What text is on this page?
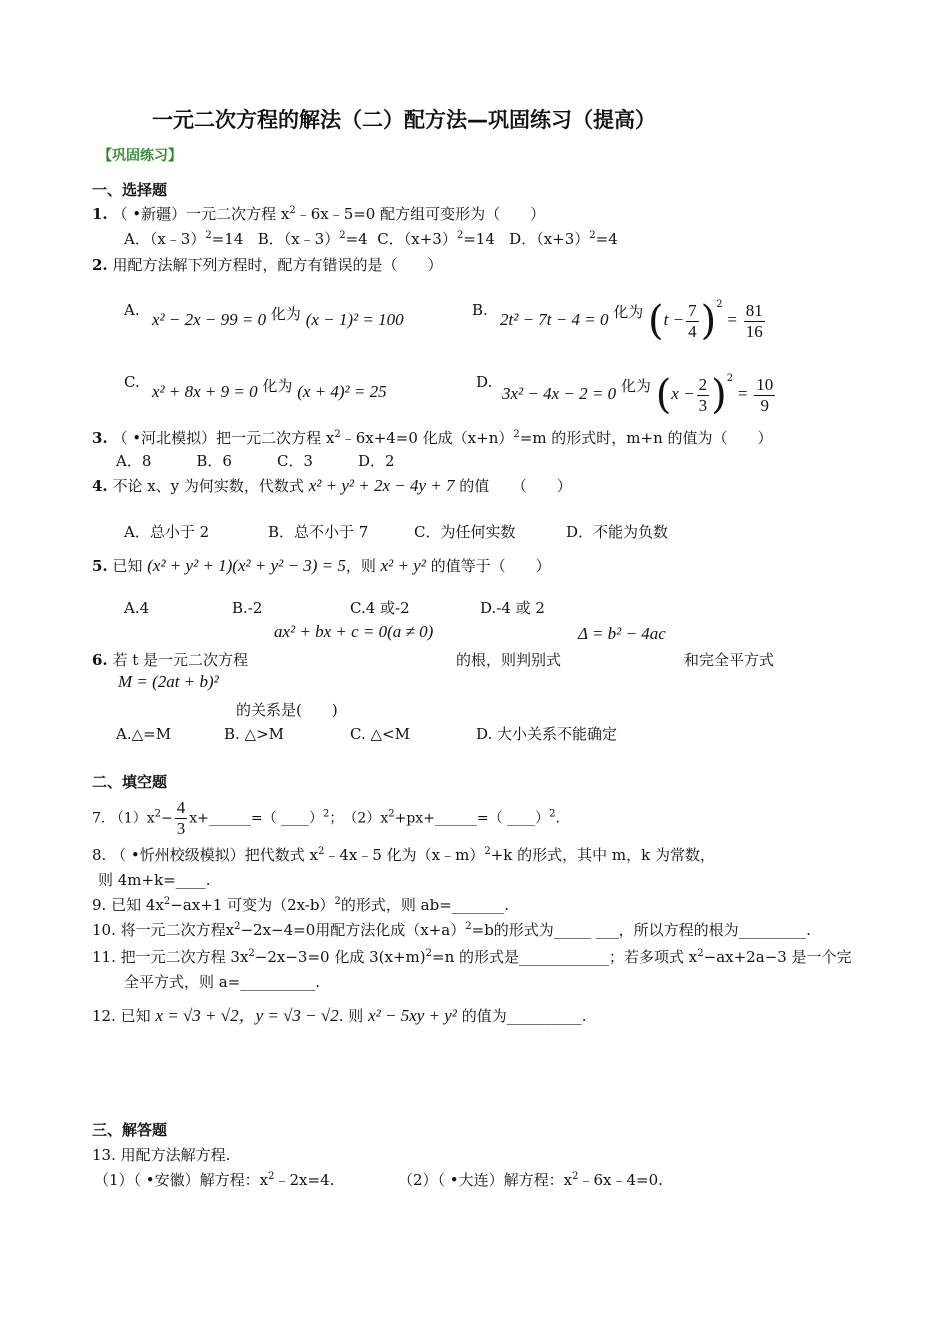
一元二次方程的解法（二）配方法—巩固练习（提高）
【巩固练习】
一、选择题
1. （ •新疆）一元二次方程 $x^2﹣6x﹣5=0$ 配方组可变形为（　　）
A．（x﹣3）$^2$=14 B．（x﹣3）$^2$=4 C．$(x+3)^2=14$ D．$(x+3)^2=4$
2. 用配方法解下列方程时，配方有错误的是（　　）
A. x² − 2x − 99 = 0 化为 (x − 1)² = 100	B. 2t² − 7t − 4 = 0 化为 $(t - \frac{7}{4} )^2 = \frac{81}{16}$
C. x² + 8x + 9 = 0 化为 (x + 4)² = 25	D.
3x² − 4x − 2 = 0 化为 $(x - \frac{2}{3} )^2 = \frac{10}{9}$
3. （ •河北模拟）把一元二次方程 $x^2﹣6x+4=0$ 化成$(x+n)^2=m$ 的形式时，m+n 的值为（　　）
A．8　　　B．6　　　C．3　　　D．2
4. 不论 x、y 为何实数，代数式 x² + y² + 2x − 4y + 7 的值　　（　　）
A．总小于 2	B．总不小于 7	C．为任何实数	D．不能为负数
5. 已知 (x² + y² + 1)(x² + y² − 3) = 5，则 x² + y² 的值等于（　　）
A.4	B.-2	C.4 或-2	D.-4 或 2
ax² + bx + c = 0(a ≠ 0)	Δ = b² − 4ac
6. 若 t 是一元二次方程	的根，则判别式	和完全平方式
M = (2at + b)²
的关系是(　　)
A.△=M	B. △>M	C. △<M	D. 大小关系不能确定
二、填空题
7. $(1)x^2- \frac{4}{3}$ x+______=（ ____）$^2$；　$(2)x^2+px+\_\_\_\_\_\_=$（ ____）$^2$.
8. （ •忻州校级模拟）把代数式 $x^2﹣4x﹣5$ 化为（x﹣m）$^2$+k 的形式，其中 m，k 为常数，
则 4m+k=____.
9. 已知 $4x^2-ax+1$ 可变为$(2x-b)^2$的形式，则 ab=_______.
10. 将一元二次方程$x^2-2x-4=0$用配方法化成$(x+a)^2=b$的形式为_____ ___，所以方程的根为_________.
11. 把一元二次方程 $3x^2-2x-3=0$ 化成 $3(x+m)^2=n$ 的形式是____________；若多项式 $x^2-ax+2a-3$ 是一个完
全平方式，则 a=__________.
12. 已知 x = √3 + √2，y = √3 − √2. 则 x² − 5xy + y² 的值为__________.
三、解答题
13. 用配方法解方程.
（1）（ •安徽）解方程：$x^2﹣2x=4$.	（2）（ •大连）解方程：$x^2﹣6x﹣4=0$.
